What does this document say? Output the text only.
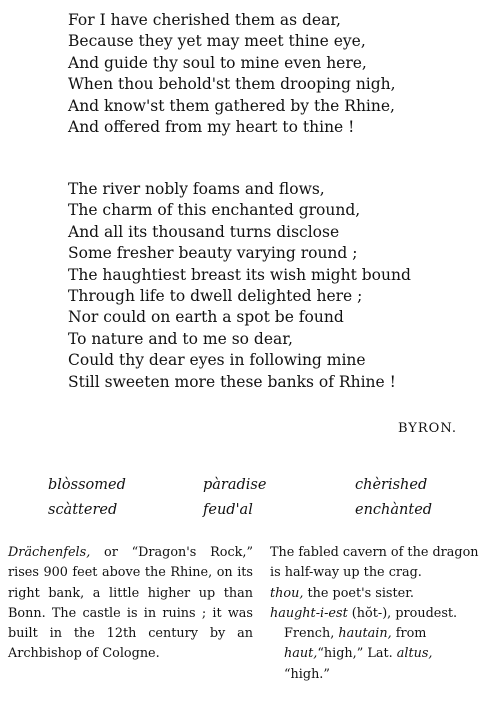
For I have cherished them as dear,
Because they yet may meet thine eye,
And guide thy soul to mine even here,
When thou behold'st them drooping nigh,
And know'st them gathered by the Rhine,
And offered from my heart to thine !
The river nobly foams and flows,
The charm of this enchanted ground,
And all its thousand turns disclose
Some fresher beauty varying round ;
The haughtiest breast its wish might bound
Through life to dwell delighted here ;
Nor could on earth a spot be found
To nature and to me so dear,
Could thy dear eyes in following mine
Still sweeten more these banks of Rhine !
BYRON.
blòssomed	pàradise	chèrished
scàttered	feud'al	enchànted
Drächenfels, or “Dragon's Rock,” rises 900 feet above the Rhine, on its right bank, a little higher up than Bonn. The castle is in ruins ; it was built in the 12th century by an Archbishop of Cologne.
The fabled cavern of the dragon is half-way up the crag.
thou, the poet's sister.
haught-i-est (hŏt-), proudest.
French, hautain, from haut,“high,” Lat. altus, “high.”
